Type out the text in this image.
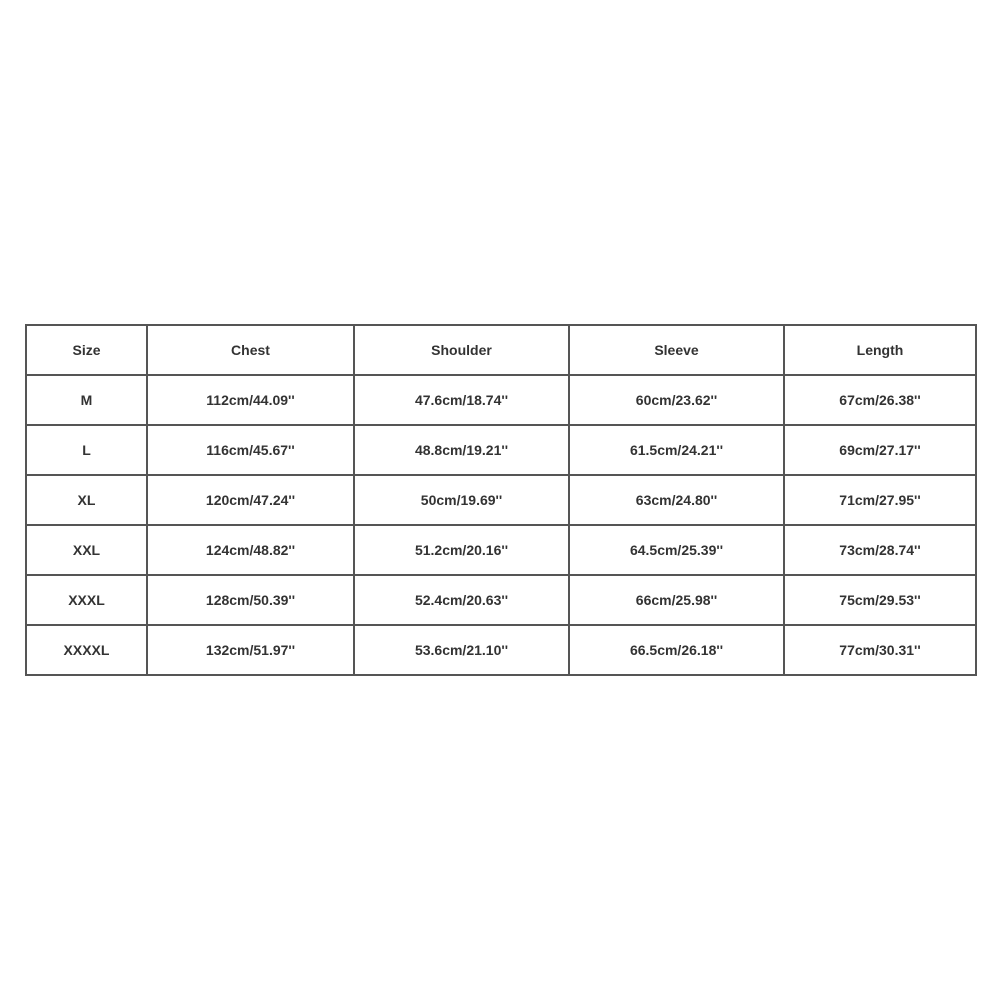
Size	Chest	Shoulder	Sleeve	Length
M	112cm/44.09''	47.6cm/18.74''	60cm/23.62''	67cm/26.38''
L	116cm/45.67''	48.8cm/19.21''	61.5cm/24.21''	69cm/27.17''
XL	120cm/47.24''	50cm/19.69''	63cm/24.80''	71cm/27.95''
XXL	124cm/48.82''	51.2cm/20.16''	64.5cm/25.39''	73cm/28.74''
XXXL	128cm/50.39''	52.4cm/20.63''	66cm/25.98''	75cm/29.53''
XXXXL	132cm/51.97''	53.6cm/21.10''	66.5cm/26.18''	77cm/30.31''
